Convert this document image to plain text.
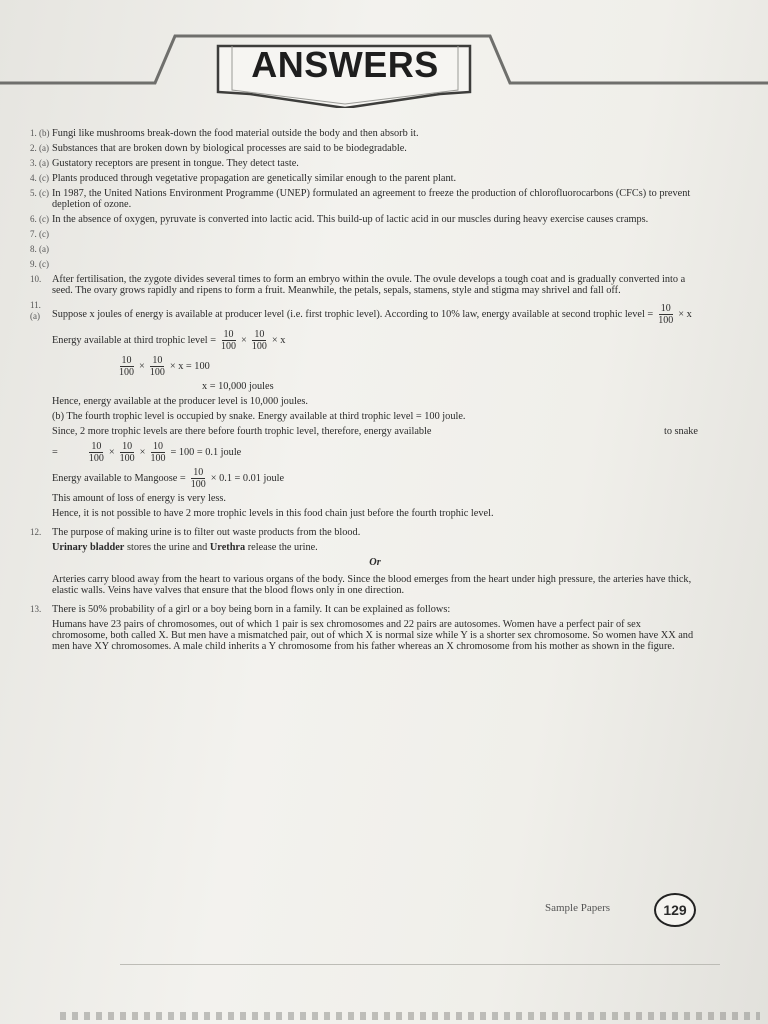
ANSWERS
1. (b) Fungi like mushrooms break-down the food material outside the body and then absorb it.
2. (a) Substances that are broken down by biological processes are said to be biodegradable.
3. (a) Gustatory receptors are present in tongue. They detect taste.
4. (c) Plants produced through vegetative propagation are genetically similar enough to the parent plant.
5. (c) In 1987, the United Nations Environment Programme (UNEP) formulated an agreement to freeze the production of chlorofluorocarbons (CFCs) to prevent depletion of ozone.
6. (c) In the absence of oxygen, pyruvate is converted into lactic acid. This build-up of lactic acid in our muscles during heavy exercise causes cramps.
7. (c)
8. (a)
9. (c)
10.	After fertilisation, the zygote divides several times to form an embryo within the ovule. The ovule develops a tough coat and is gradually converted into a seed. The ovary grows rapidly and ripens to form a fruit. Meanwhile, the petals, sepals, stamens, style and stigma may shrivel and fall off.
11. (a)	Suppose x joules of energy is available at producer level (i.e. first trophic level). According to 10% law, energy available at second trophic level = $\frac{10}{100} \times x$
Energy available at third trophic level = $\frac{10}{100} \times \frac{10}{100} \times x$
$\frac{10}{100} \times \frac{10}{100} \times x = 100$

x = 10,000 joules

Hence, energy available at the producer level is 10,000 joules.

(b) The fourth trophic level is occupied by snake. Energy available at third trophic level = 100 joule.

Since, 2 more trophic levels are there before fourth trophic level, therefore, energy available	to snake

=	$\frac{10}{100} \times \frac{10}{100} \times \frac{10}{100} = 100 = 0.1$ joule
Energy available to Mangoose = $\frac{10}{100} \times 0.1 = 0.01$ joule

This amount of loss of energy is very less.

Hence, it is not possible to have 2 more trophic levels in this food chain just before the fourth trophic level.

12.	The purpose of making urine is to filter out waste products from the blood.

Urinary bladder stores the urine and Urethra release the urine.

Or

Arteries carry blood away from the heart to various organs of the body. Since the blood emerges from the heart under high pressure, the arteries have thick, elastic walls. Veins have valves that ensure that the blood flows only in one direction.

13.	There is 50% probability of a girl or a boy being born in a family. It can be explained as follows:

Humans have 23 pairs of chromosomes, out of which 1 pair is sex chromosomes and 22 pairs are autosomes. Women have a perfect pair of sex chromosome, both called X. But men have a mismatched pair, out of which X is normal size while Y is a shorter sex chromosome. So women have XX and men have XY chromosomes. A male child inherits a Y chromosome from his father whereas an X chromosome from his mother as shown in the figure.

Sample Papers	129
